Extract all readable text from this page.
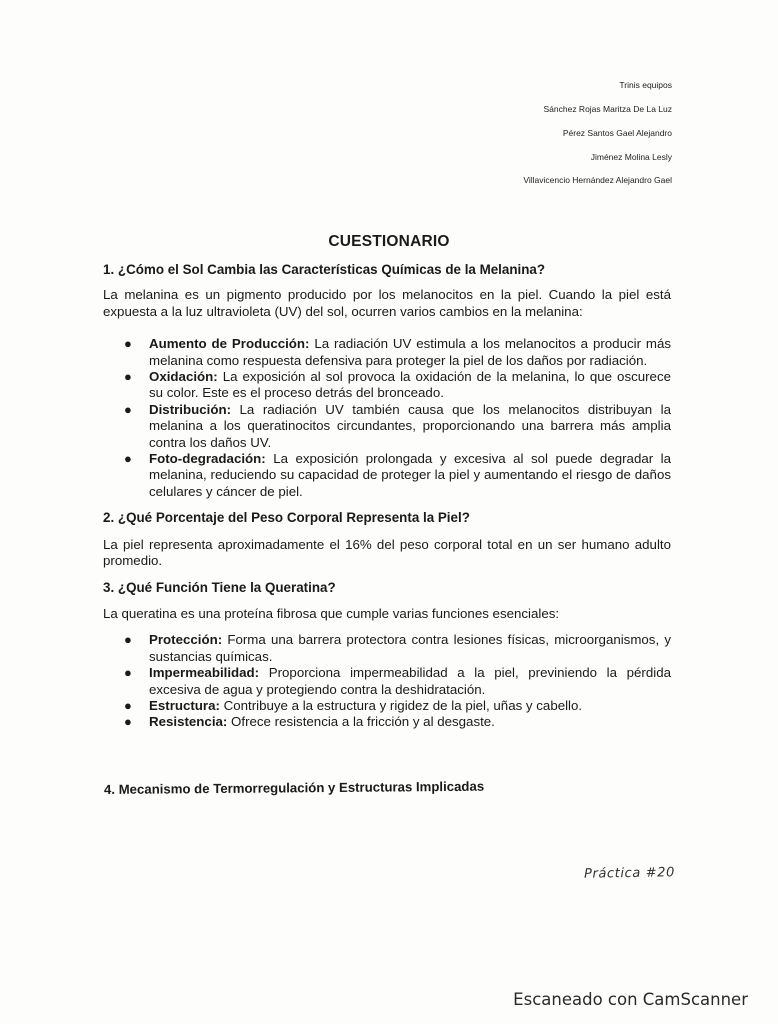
Trinis equipos
Sánchez Rojas Maritza De La Luz
Pérez Santos Gael Alejandro
Jiménez Molina Lesly
Villavicencio Hernández Alejandro Gael
CUESTIONARIO

1. ¿Cómo el Sol Cambia las Características Químicas de la Melanina?

La melanina es un pigmento producido por los melanocitos en la piel. Cuando la piel está expuesta a la luz ultravioleta (UV) del sol, ocurren varios cambios en la melanina:

● Aumento de Producción: La radiación UV estimula a los melanocitos a producir más melanina como respuesta defensiva para proteger la piel de los daños por radiación.
● Oxidación: La exposición al sol provoca la oxidación de la melanina, lo que oscurece su color. Este es el proceso detrás del bronceado.
● Distribución: La radiación UV también causa que los melanocitos distribuyan la melanina a los queratinocitos circundantes, proporcionando una barrera más amplia contra los daños UV.
● Foto-degradación: La exposición prolongada y excesiva al sol puede degradar la melanina, reduciendo su capacidad de proteger la piel y aumentando el riesgo de daños celulares y cáncer de piel.

2. ¿Qué Porcentaje del Peso Corporal Representa la Piel?

La piel representa aproximadamente el 16% del peso corporal total en un ser humano adulto promedio.

3. ¿Qué Función Tiene la Queratina?

La queratina es una proteína fibrosa que cumple varias funciones esenciales:

● Protección: Forma una barrera protectora contra lesiones físicas, microorganismos, y sustancias químicas.
● Impermeabilidad: Proporciona impermeabilidad a la piel, previniendo la pérdida excesiva de agua y protegiendo contra la deshidratación.
● Estructura: Contribuye a la estructura y rigidez de la piel, uñas y cabello.
● Resistencia: Ofrece resistencia a la fricción y al desgaste.
4. Mecanismo de Termorregulación y Estructuras Implicadas
Práctica #20
Escaneado con CamScanner
